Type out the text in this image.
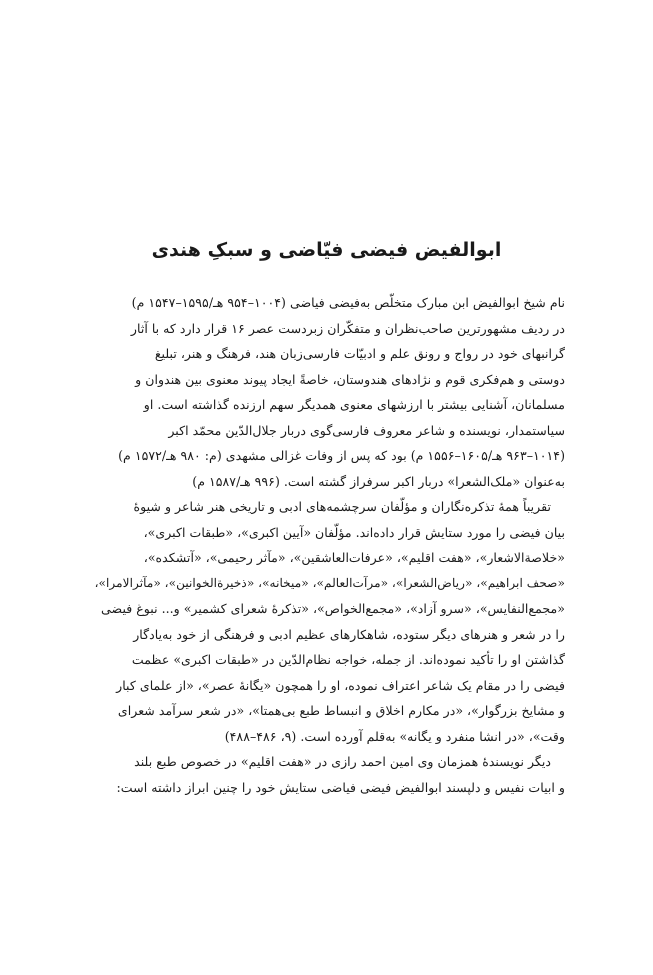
ابوالفیض فیضی فیّاضی و سبکِ هندی
نام شیخ ابوالفیض ابن مبارک متخلّص به‌فیضی فیاضی (۱۰۰۴–۹۵۴ هـ/۱۵۹۵–۱۵۴۷ م)
در ردیف مشهورترین صاحب‌نظران و متفکّران زبردست عصر ۱۶ قرار دارد که با آثار
گرانبهای خود در رواج و رونق علم و ادبیّات فارسی‌زبان هند، فرهنگ و هنر، تبلیغ
دوستی و هم‌فکری قوم و نژادهای هندوستان، خاصةً ایجاد پیوند معنوی بین هندوان و
مسلمانان، آشنایی بیشتر با ارزشهای معنوی همدیگر سهم ارزنده گذاشته است. او
سیاستمدار، نویسنده و شاعر معروف فارسی‌گوی دربار جلال‌الدّین محمّد اکبر
(۱۰۱۴–۹۶۳ هـ/۱۶۰۵–۱۵۵۶ م) بود که پس از وفات غزالی مشهدی (م: ۹۸۰ هـ/۱۵۷۲ م)
به‌عنوان «ملک‌الشعرا» دربار اکبر سرفراز گشته است. (۹۹۶ هـ/۱۵۸۷ م)
تقریباً همهٔ تذکره‌نگاران و مؤلّفان سرچشمه‌های ادبی و تاریخی هنر شاعر و شیوهٔ
بیان فیضی را مورد ستایش قرار داده‌اند. مؤلّفان «آیین اکبری»، «طبقات اکبری»،
«خلاصة‌الاشعار»، «هفت اقلیم»، «عرفات‌العاشقین»، «مآثر رحیمی»، «آتشکده»،
«صحف ابراهیم»، «ریاض‌الشعرا»، «مرآت‌العالم»، «میخانه»، «ذخیرة‌الخوانین»، «مآثرالامرا»،
«مجمع‌النفایس»، «سرو آزاد»، «مجمع‌الخواص»، «تذکرهٔ شعرای کشمیر» و... نبوغ فیضی
را در شعر و هنرهای دیگر ستوده، شاهکارهای عظیم ادبی و فرهنگی از خود به‌یادگار
گذاشتن او را تأکید نموده‌اند. از جمله، خواجه نظام‌الدّین در «طبقات اکبری» عظمت
فیضی را در مقام یک شاعر اعتراف نموده، او را همچون «یگانهٔ عصر»، «از علمای کبار
و مشایخ بزرگوار»، «در مکارم اخلاق و انبساط طبع بی‌همتا»، «در شعر سرآمد شعرای
وقت»، «در انشا منفرد و یگانه» به‌قلم آورده است. (۹، ۴۸۶–۴۸۸)
دیگر نویسندهٔ همزمان وی امین احمد رازی در «هفت اقلیم» در خصوص طبع بلند
و ابیات نفیس و دلپسند ابوالفیض فیضی فیاضی ستایش خود را چنین ابراز داشته است:
